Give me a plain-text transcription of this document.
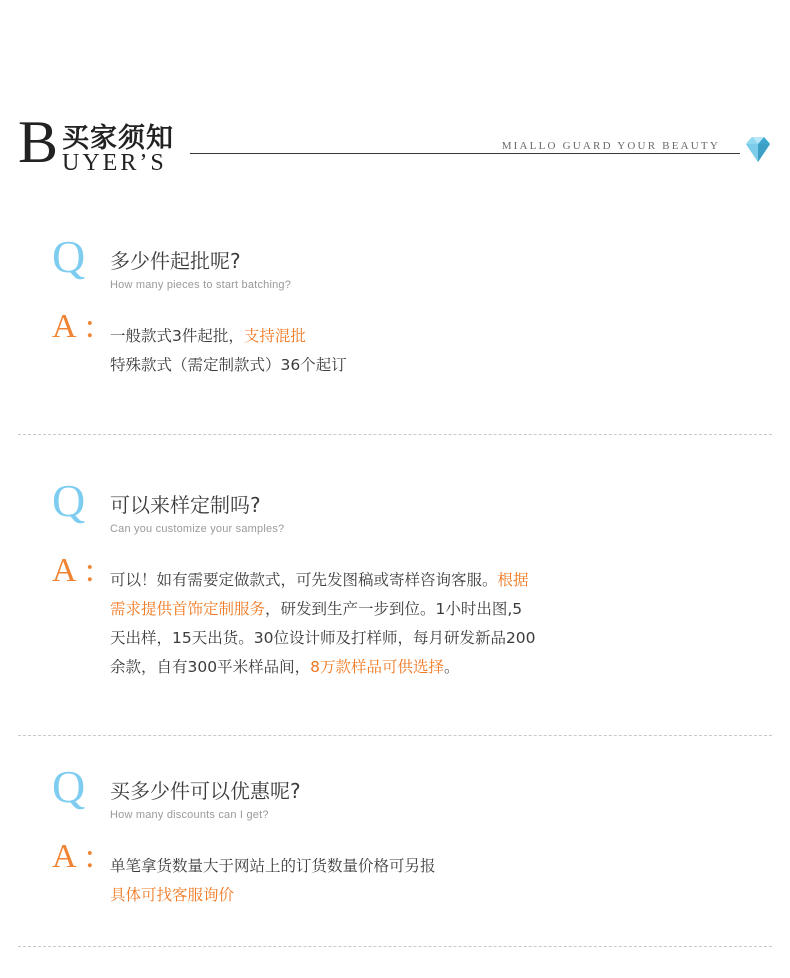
B 买家须知
UYER’S
MIALLO GUARD YOUR BEAUTY
Q 多少件起批呢?
How many pieces to start batching?
A : 一般款式3件起批，支持混批
特殊款式（需定制款式）36个起订
Q 可以来样定制吗?
Can you customize your samples?
A : 可以！如有需要定做款式，可先发图稿或寄样咨询客服。根据
需求提供首饰定制服务，研发到生产一步到位。1小时出图,5
天出样，15天出货。30位设计师及打样师，每月研发新品200
余款，自有300平米样品间，8万款样品可供选择。
Q 买多少件可以优惠呢?
How many discounts can I get?
A : 单笔拿货数量大于网站上的订货数量价格可另报
具体可找客服询价
